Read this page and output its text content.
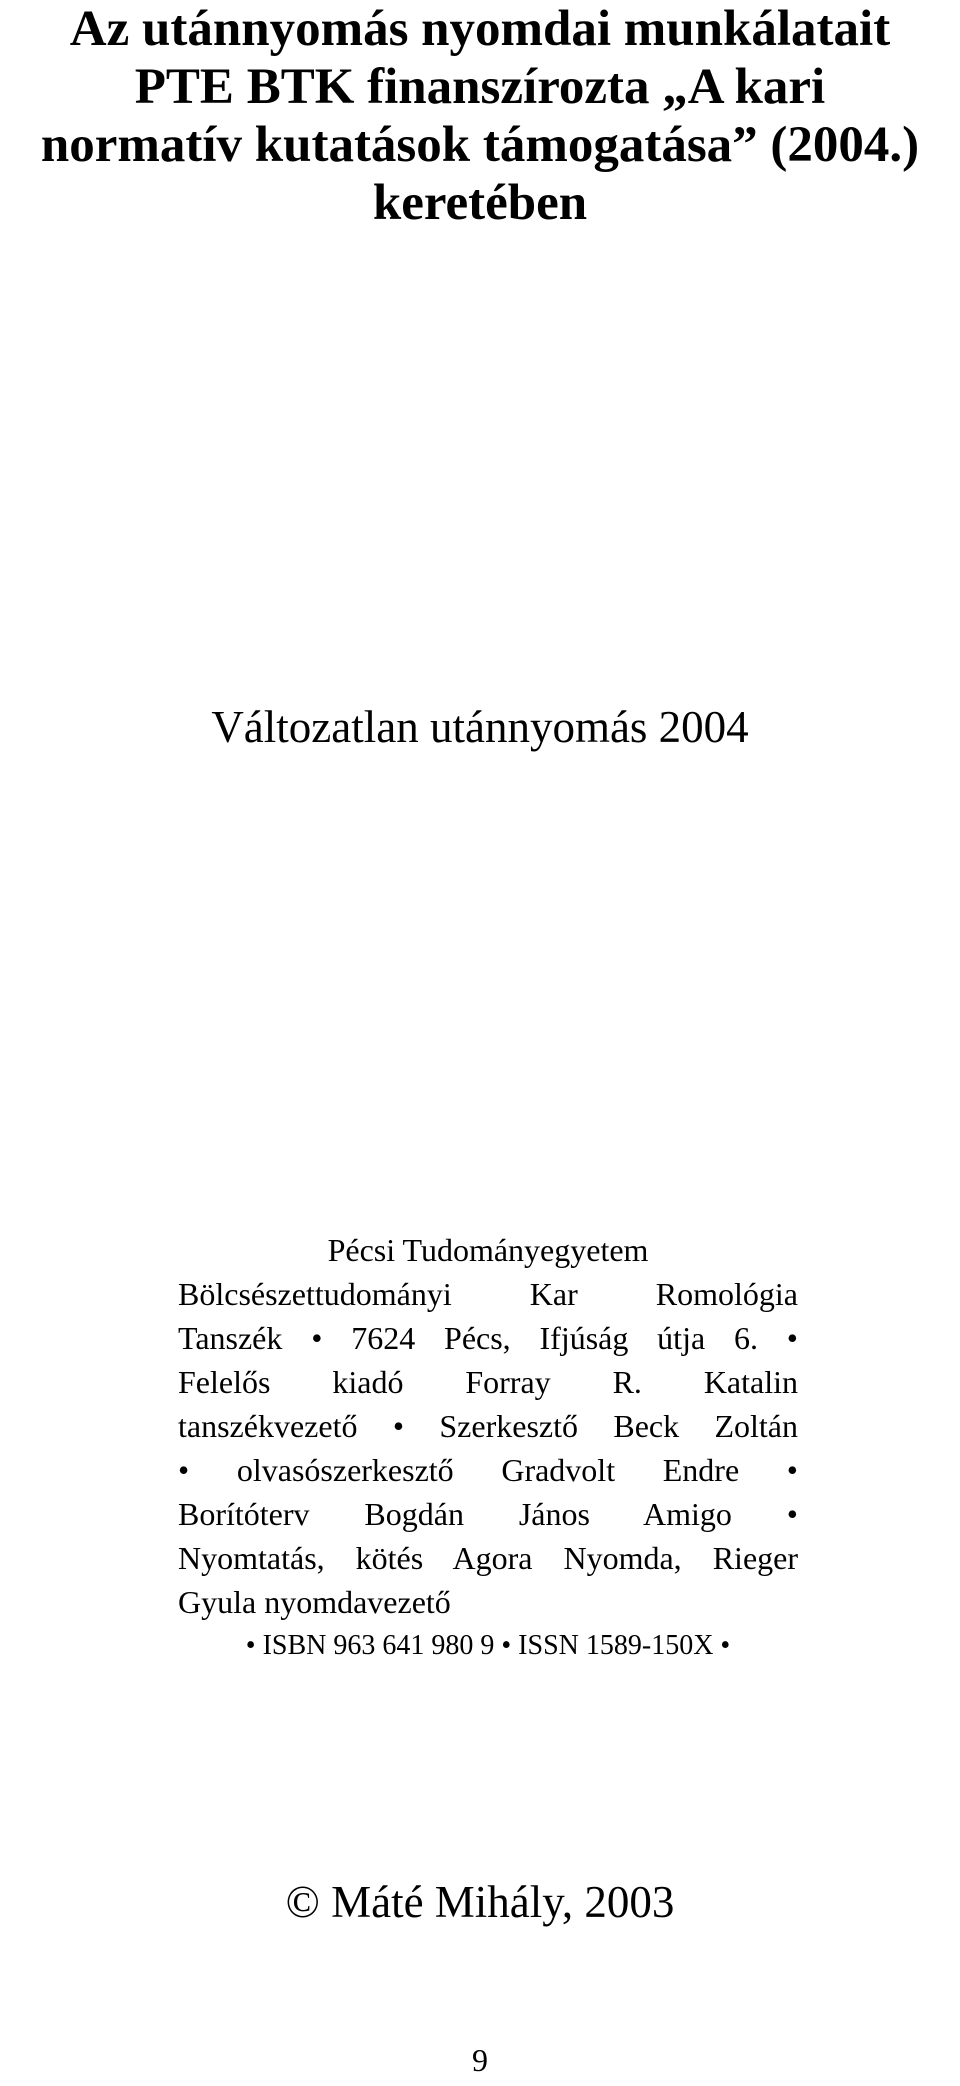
Az utánnyomás nyomdai munkálatait
PTE BTK finanszírozta „A kari
normatív kutatások támogatása” (2004.)
keretében
Változatlan utánnyomás 2004
Pécsi Tudományegyetem
Bölcsészettudományi Kar Romológia
Tanszék • 7624 Pécs, Ifjúság útja 6. •
Felelős kiadó Forray R. Katalin
tanszékvezető • Szerkesztő Beck Zoltán
• olvasószerkesztő Gradvolt Endre •
Borítóterv Bogdán János Amigo •
Nyomtatás, kötés Agora Nyomda, Rieger
Gyula nyomdavezető
• ISBN 963 641 980 9 • ISSN 1589-150X •
© Máté Mihály, 2003
9
